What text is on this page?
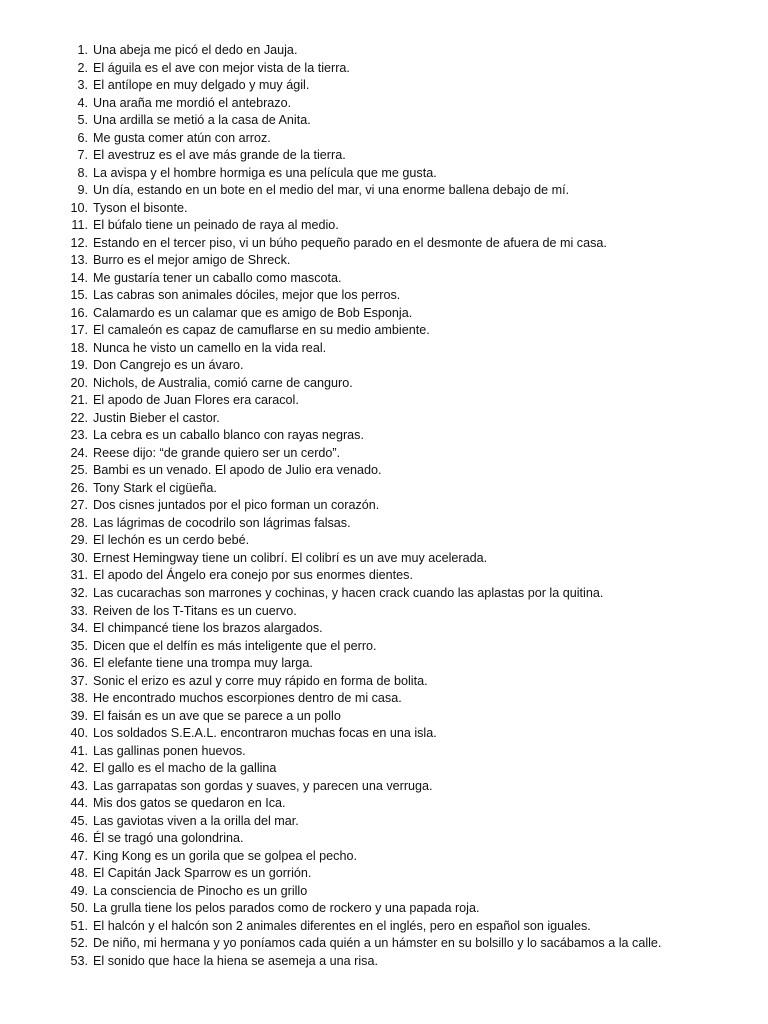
1. Una abeja me picó el dedo en Jauja.
2. El águila es el ave con mejor vista de la tierra.
3. El antílope en muy delgado y muy ágil.
4. Una araña me mordió el antebrazo.
5. Una ardilla se metió a la casa de Anita.
6. Me gusta comer atún con arroz.
7. El avestruz es el ave más grande de la tierra.
8. La avispa y el hombre hormiga es una película que me gusta.
9. Un día, estando en un bote en el medio del mar, vi una enorme ballena debajo de mí.
10. Tyson el bisonte.
11. El búfalo tiene un peinado de raya al medio.
12. Estando en el tercer piso, vi un búho pequeño parado en el desmonte de afuera de mi casa.
13. Burro es el mejor amigo de Shreck.
14. Me gustaría tener un caballo como mascota.
15. Las cabras son animales dóciles, mejor que los perros.
16. Calamardo es un calamar que es amigo de Bob Esponja.
17. El camaleón es capaz de camuflarse en su medio ambiente.
18. Nunca he visto un camello en la vida real.
19. Don Cangrejo es un ávaro.
20. Nichols, de Australia, comió carne de canguro.
21. El apodo de Juan Flores era caracol.
22. Justin Bieber el castor.
23. La cebra es un caballo blanco con rayas negras.
24. Reese dijo: “de grande quiero ser un cerdo”.
25. Bambi es un venado. El apodo de Julio era venado.
26. Tony Stark el cigüeña.
27. Dos cisnes juntados por el pico forman un corazón.
28. Las lágrimas de cocodrilo son lágrimas falsas.
29. El lechón es un cerdo bebé.
30. Ernest Hemingway tiene un colibrí. El colibrí es un ave muy acelerada.
31. El apodo del Ángelo era conejo por sus enormes dientes.
32. Las cucarachas son marrones y cochinas, y hacen crack cuando las aplastas por la quitina.
33. Reiven de los T-Titans es un cuervo.
34. El chimpancé tiene los brazos alargados.
35. Dicen que el delfín es más inteligente que el perro.
36. El elefante tiene una trompa muy larga.
37. Sonic el erizo es azul y corre muy rápido en forma de bolita.
38. He encontrado muchos escorpiones dentro de mi casa.
39. El faisán es un ave que se parece a un pollo
40. Los soldados S.E.A.L. encontraron muchas focas en una isla.
41. Las gallinas ponen huevos.
42. El gallo es el macho de la gallina
43. Las garrapatas son gordas y suaves, y parecen una verruga.
44. Mis dos gatos se quedaron en Ica.
45. Las gaviotas viven a la orilla del mar.
46. Él se tragó una golondrina.
47. King Kong es un gorila que se golpea el pecho.
48. El Capitán Jack Sparrow es un gorrión.
49. La consciencia de Pinocho es un grillo
50. La grulla tiene los pelos parados como de rockero y una papada roja.
51. El halcón y el halcón son 2 animales diferentes en el inglés, pero en español son iguales.
52. De niño, mi hermana y yo poníamos cada quién a un hámster en su bolsillo y lo sacábamos a la calle.
53. El sonido que hace la hiena se asemeja a una risa.
